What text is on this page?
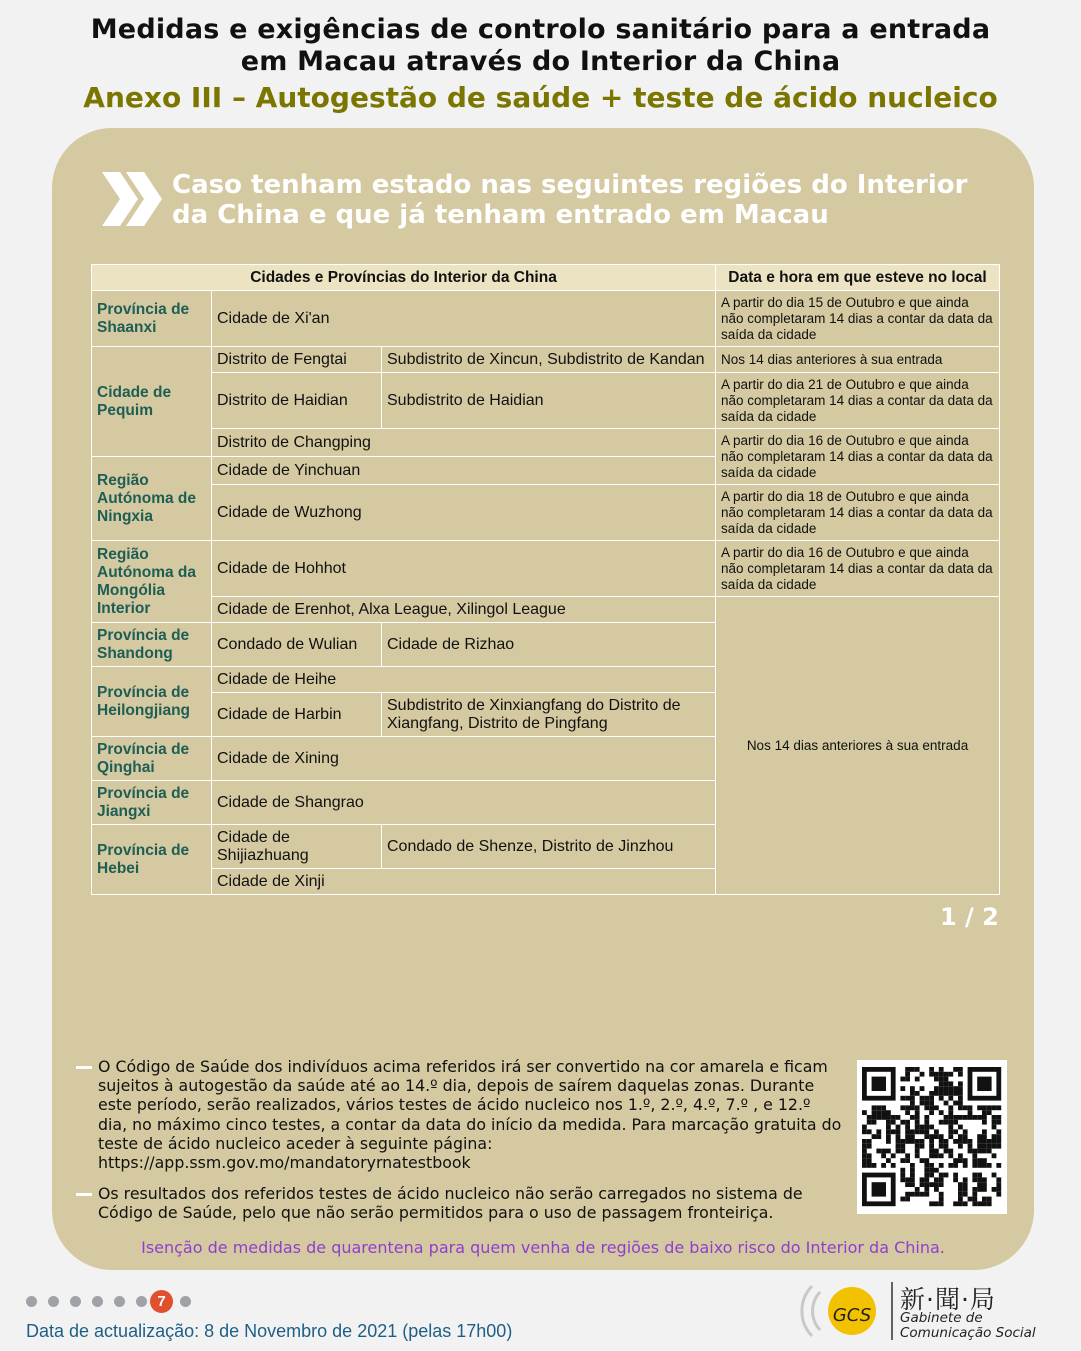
Medidas e exigências de controlo sanitário para a entrada
em Macau através do Interior da China
Anexo III – Autogestão de saúde + teste de ácido nucleico
Caso tenham estado nas seguintes regiões do Interior da China e que já tenham entrado em Macau
Cidades e Províncias do Interior da China			Data e hora em que esteve no local
Província de Shaanxi	Cidade de Xi'an		A partir do dia 15 de Outubro e que ainda não completaram 14 dias a contar da data da saída da cidade
Cidade de Pequim	Distrito de Fengtai	Subdistrito de Xincun, Subdistrito de Kandan	Nos 14 dias anteriores à sua entrada
	Distrito de Haidian	Subdistrito de Haidian	A partir do dia 21 de Outubro e que ainda não completaram 14 dias a contar da data da saída da cidade
	Distrito de Changping		A partir do dia 16 de Outubro e que ainda não completaram 14 dias a contar da data da saída da cidade
Região Autónoma de Ningxia	Cidade de Yinchuan		
	Cidade de Wuzhong		A partir do dia 18 de Outubro e que ainda não completaram 14 dias a contar da data da saída da cidade
Região Autónoma da Mongólia Interior	Cidade de Hohhot		A partir do dia 16 de Outubro e que ainda não completaram 14 dias a contar da data da saída da cidade
	Cidade de Erenhot, Alxa League, Xilingol League		Nos 14 dias anteriores à sua entrada
Província de Shandong	Condado de Wulian	Cidade de Rizhao	
Província de Heilongjiang	Cidade de Heihe		
	Cidade de Harbin	Subdistrito de Xinxiangfang do Distrito de Xiangfang, Distrito de Pingfang	
Província de Qinghai	Cidade de Xining		
Província de Jiangxi	Cidade de Shangrao		
Província de Hebei	Cidade de Shijiazhuang	Condado de Shenze, Distrito de Jinzhou	
	Cidade de Xinji		
1 / 2
O Código de Saúde dos indivíduos acima referidos irá ser convertido na cor amarela e ficam sujeitos à autogestão da saúde até ao 14.º dia, depois de saírem daquelas zonas. Durante este período, serão realizados, vários testes de ácido nucleico nos 1.º, 2.º, 4.º, 7.º , e 12.º dia, no máximo cinco testes, a contar da data do início da medida. Para marcação gratuita do teste de ácido nucleico aceder à seguinte página: https://app.ssm.gov.mo/mandatoryrnatestbook
Os resultados dos referidos testes de ácido nucleico não serão carregados no sistema de Código de Saúde, pelo que não serão permitidos para o uso de passagem fronteiriça.
Isenção de medidas de quarentena para quem venha de regiões de baixo risco do Interior da China.
7
Data de actualização: 8 de Novembro de 2021 (pelas 17h00)
GCS
新·聞·局
Gabinete de
Comunicação Social
